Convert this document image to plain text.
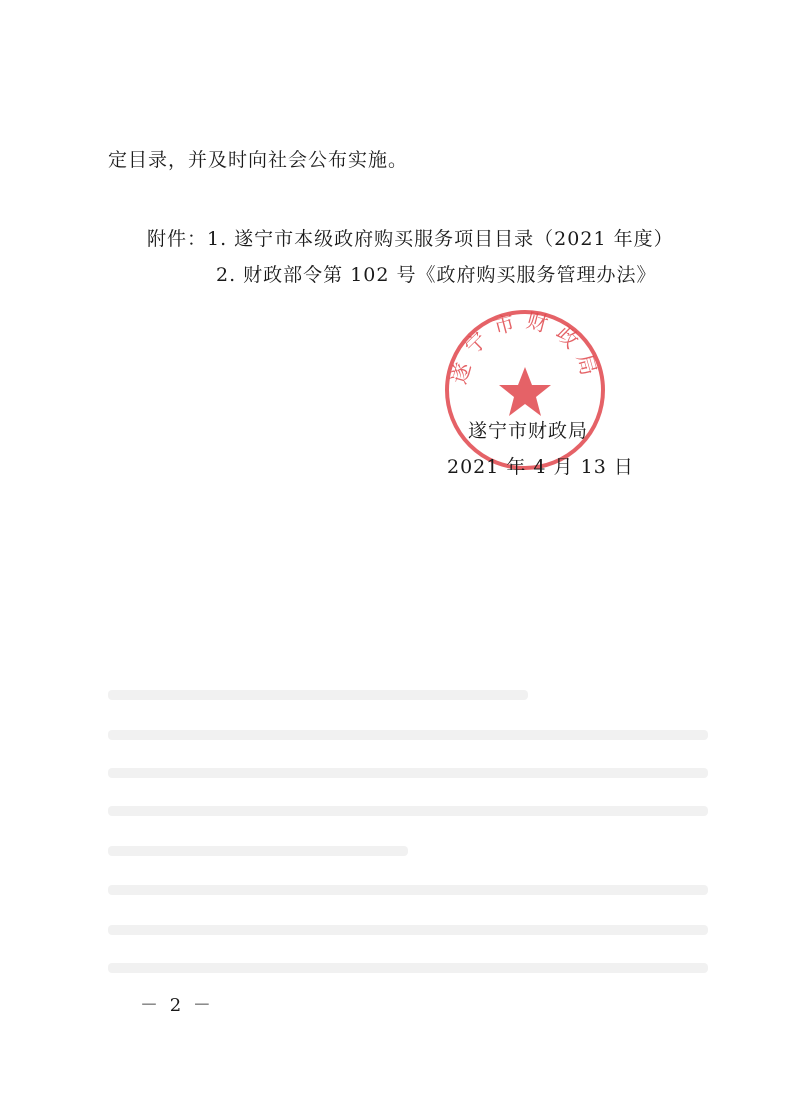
定目录，并及时向社会公布实施。
附件：1. 遂宁市本级政府购买服务项目目录（2021 年度）
2. 财政部令第 102 号《政府购买服务管理办法》
遂宁市财政局
遂宁市财政局
2021 年 4 月 13 日
－ 2 －
